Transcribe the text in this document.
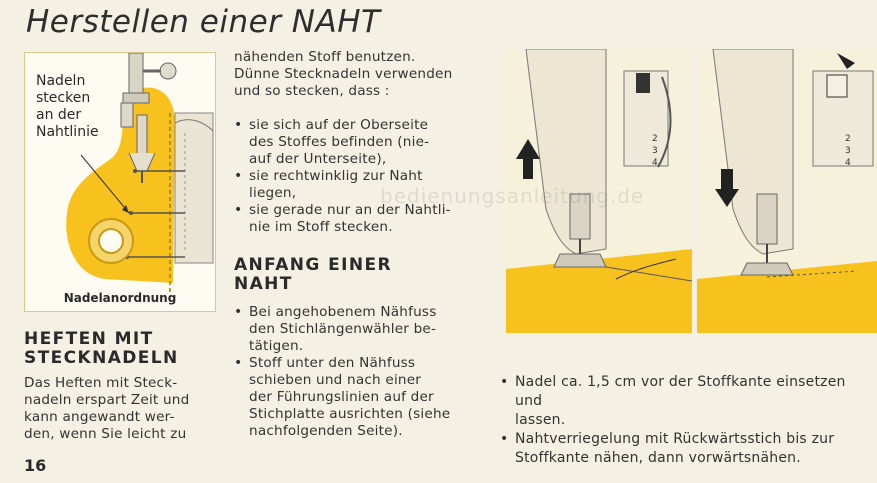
Herstellen einer NAHT
Nadeln
stecken
an der
Nahtlinie
Nadelanordnung
HEFTEN MIT
STECKNADELN
Das Heften mit Steck-
nadeln erspart Zeit und
kann angewandt wer-
den, wenn Sie leicht zu
nähenden Stoff benutzen.
Dünne Stecknadeln verwenden
und so stecken, dass :
• sie sich auf der Oberseite
des Stoffes befinden (nie-
auf der Unterseite),
• sie rechtwinklig zur Naht
liegen,
• sie gerade nur an der Nahtli-
nie im Stoff stecken.
ANFANG EINER
NAHT
• Bei angehobenem Nähfuss
den Stichlängenwähler be-
tätigen.
• Stoff unter den Nähfuss
schieben und nach einer
der Führungslinien auf der
Stichplatte ausrichten (siehe
nachfolgenden Seite).
2
3
4
2
3
4
bedienungsanleitung.de
• Nadel ca. 1,5 cm vor der Stoffkante einsetzen und
lassen.
• Nahtverriegelung mit Rückwärtsstich bis zur
Stoffkante nähen, dann vorwärtsnähen.
16
